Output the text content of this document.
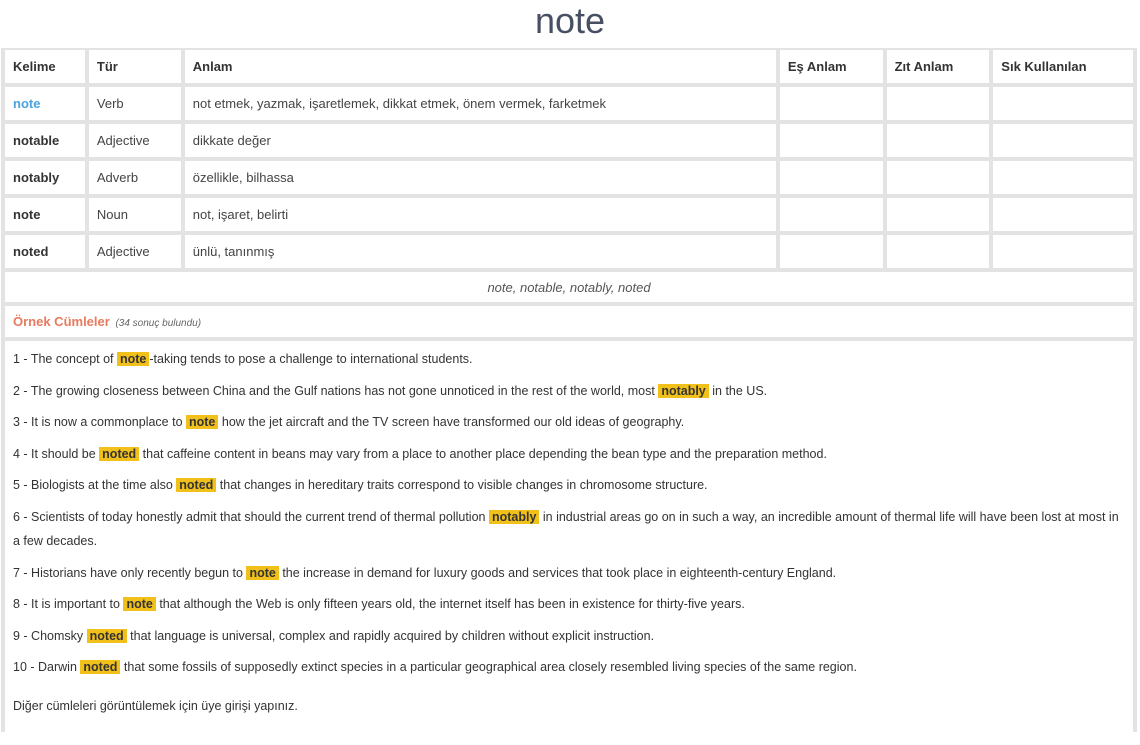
note
Kelime	Tür	Anlam	Eş Anlam	Zıt Anlam	Sık Kullanılan
note	Verb	not etmek, yazmak, işaretlemek, dikkat etmek, önem vermek, farketmek			
notable	Adjective	dikkate değer			
notably	Adverb	özellikle, bilhassa			
note	Noun	not, işaret, belirti			
noted	Adjective	ünlü, tanınmış			
note, notable, notably, noted					
Örnek Cümleler (34 sonuç bulundu)
1 - The concept of note -taking tends to pose a challenge to international students.
2 - The growing closeness between China and the Gulf nations has not gone unnoticed in the rest of the world, most notably in the US.
3 - It is now a commonplace to note how the jet aircraft and the TV screen have transformed our old ideas of geography.
4 - It should be noted that caffeine content in beans may vary from a place to another place depending the bean type and the preparation method.
5 - Biologists at the time also noted that changes in hereditary traits correspond to visible changes in chromosome structure.
6 - Scientists of today honestly admit that should the current trend of thermal pollution notably in industrial areas go on in such a way, an incredible amount of thermal life will have been lost at most in a few decades.
7 - Historians have only recently begun to note the increase in demand for luxury goods and services that took place in eighteenth-century England.
8 - It is important to note that although the Web is only fifteen years old, the internet itself has been in existence for thirty-five years.
9 - Chomsky noted that language is universal, complex and rapidly acquired by children without explicit instruction.
10 - Darwin noted that some fossils of supposedly extinct species in a particular geographical area closely resembled living species of the same region.
Diğer cümleleri görüntülemek için üye girişi yapınız.
